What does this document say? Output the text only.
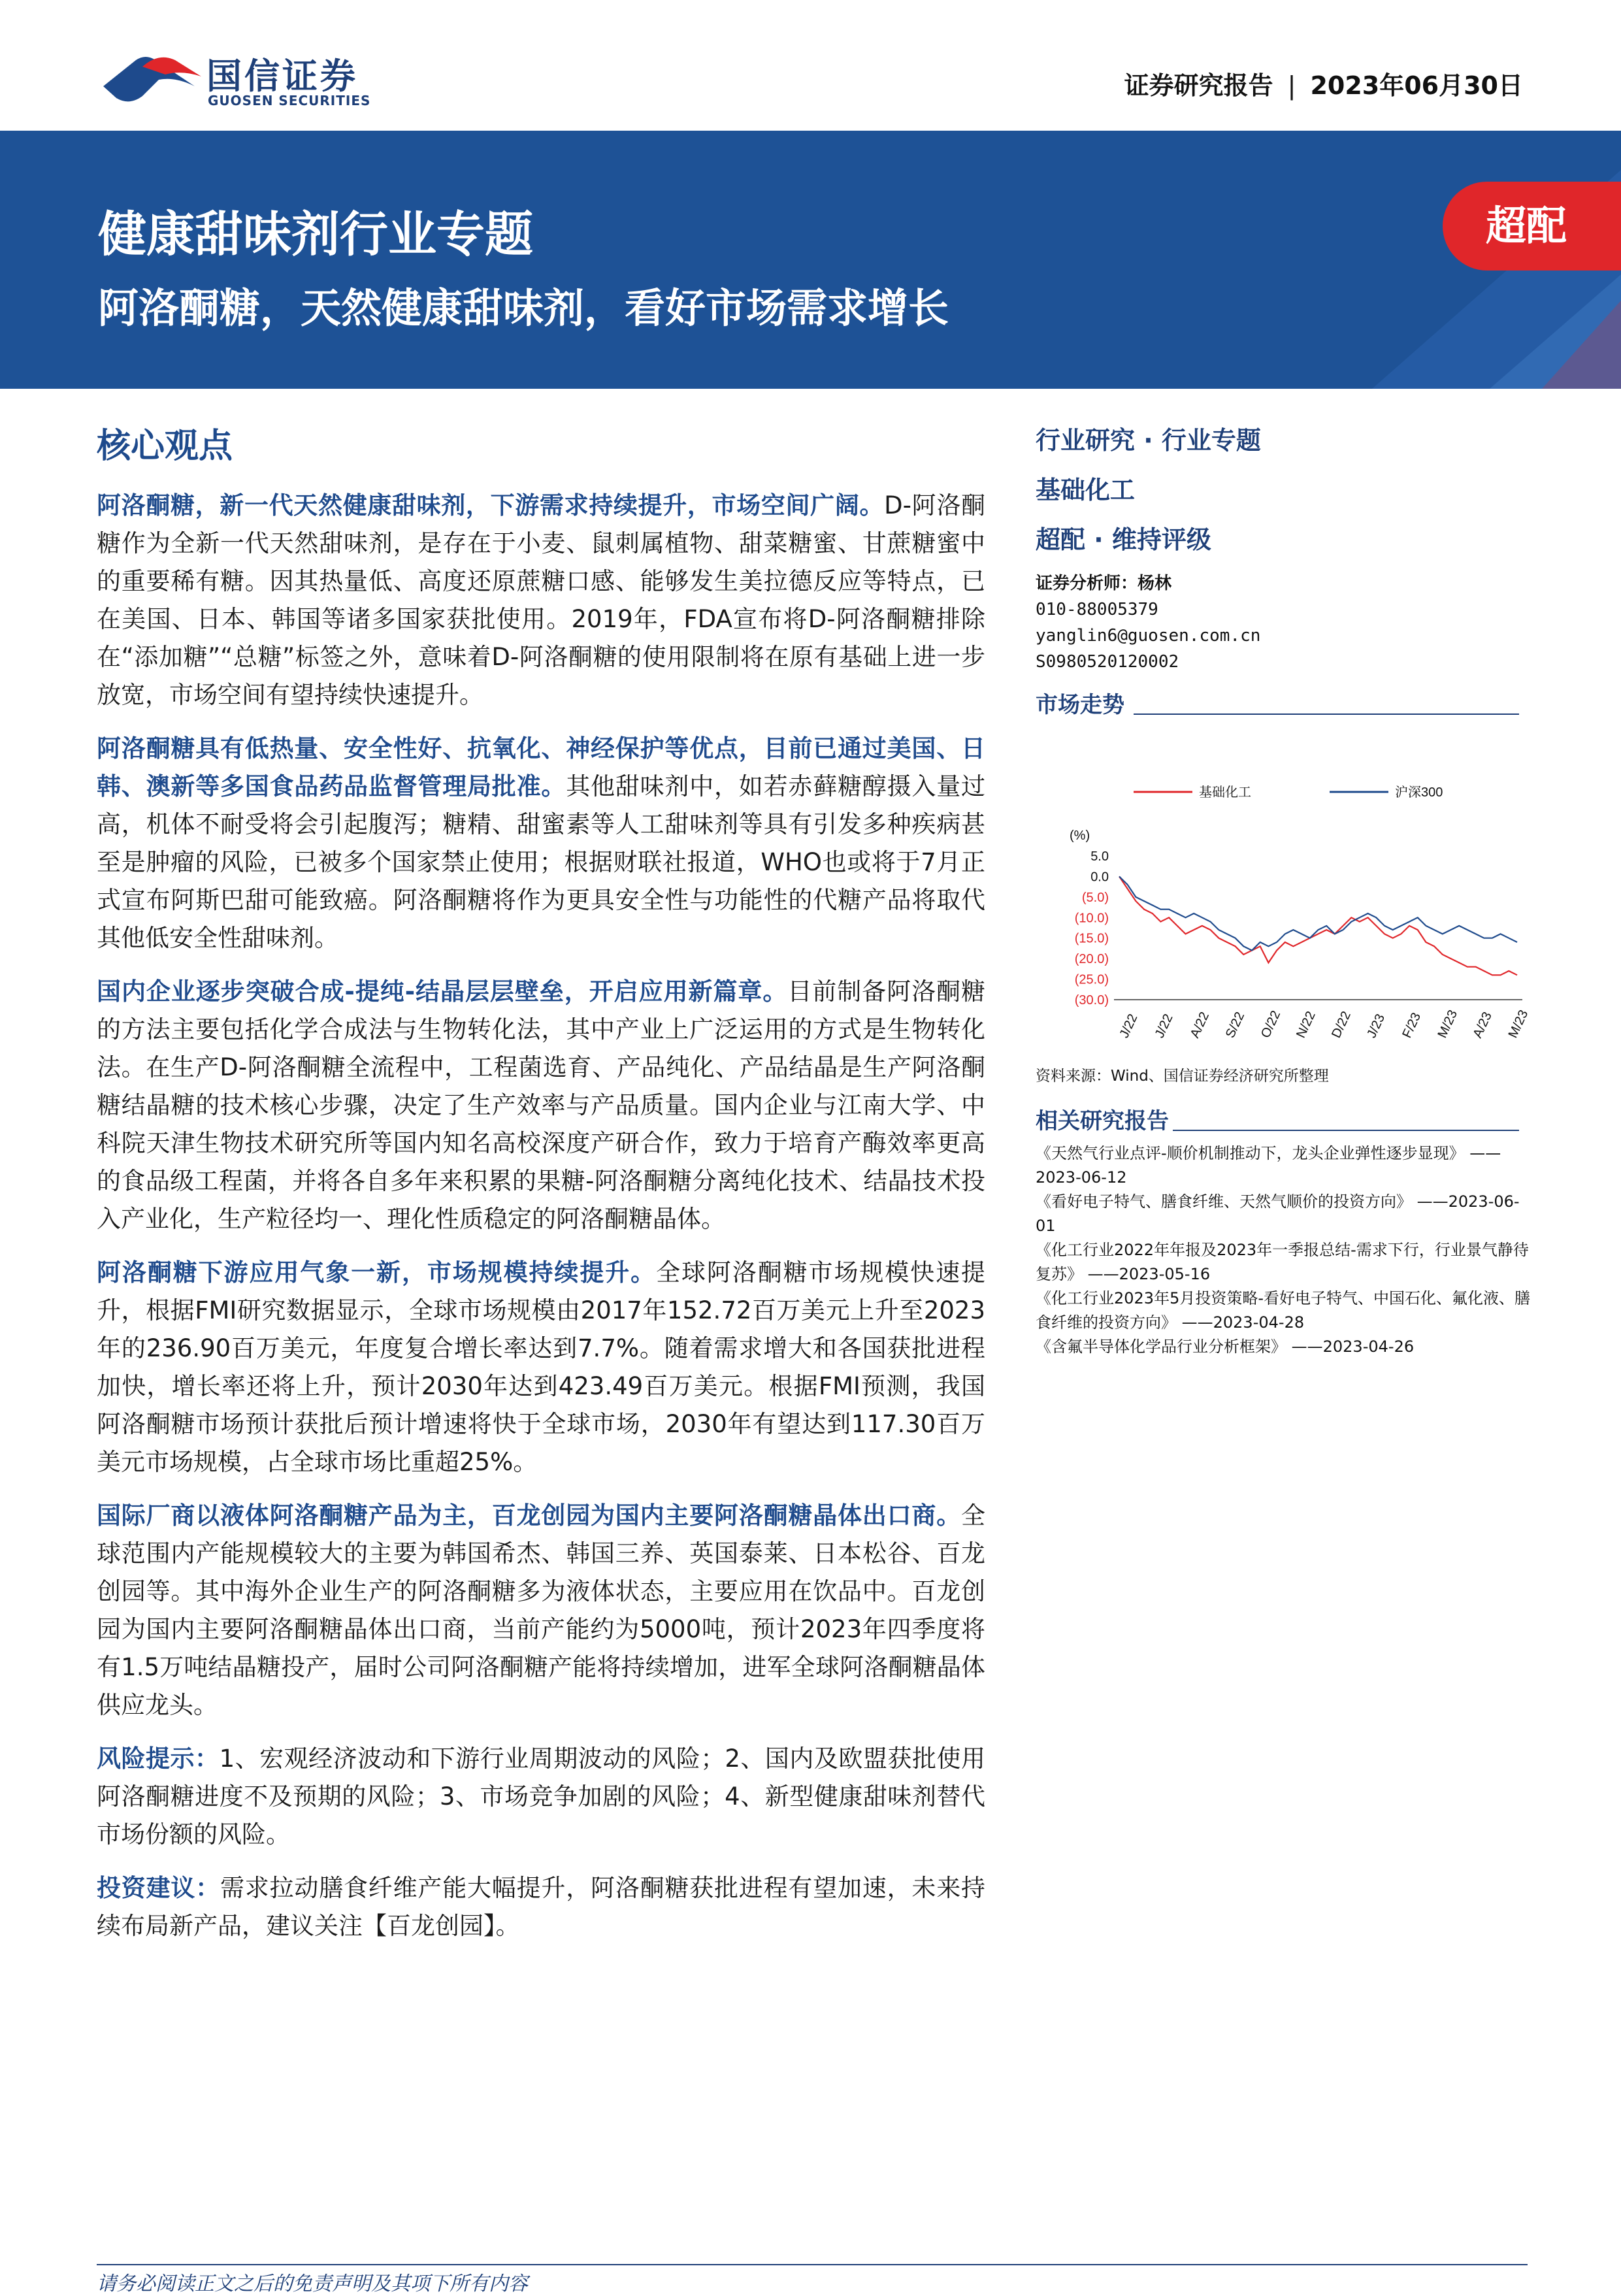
国信证券
GUOSEN SECURITIES
证券研究报告 | 2023年06月30日
健康甜味剂行业专题
阿洛酮糖，天然健康甜味剂，看好市场需求增长
超配
核心观点

阿洛酮糖，新一代天然健康甜味剂，下游需求持续提升，市场空间广阔。D-阿洛酮糖作为全新一代天然甜味剂，是存在于小麦、鼠刺属植物、甜菜糖蜜、甘蔗糖蜜中的重要稀有糖。因其热量低、高度还原蔗糖口感、能够发生美拉德反应等特点，已在美国、日本、韩国等诸多国家获批使用。2019年，FDA宣布将D-阿洛酮糖排除在“添加糖”“总糖”标签之外，意味着D-阿洛酮糖的使用限制将在原有基础上进一步放宽，市场空间有望持续快速提升。

阿洛酮糖具有低热量、安全性好、抗氧化、神经保护等优点，目前已通过美国、日韩、澳新等多国食品药品监督管理局批准。其他甜味剂中，如若赤藓糖醇摄入量过高，机体不耐受将会引起腹泻；糖精、甜蜜素等人工甜味剂等具有引发多种疾病甚至是肿瘤的风险，已被多个国家禁止使用；根据财联社报道，WHO也或将于7月正式宣布阿斯巴甜可能致癌。阿洛酮糖将作为更具安全性与功能性的代糖产品将取代其他低安全性甜味剂。

国内企业逐步突破合成-提纯-结晶层层壁垒，开启应用新篇章。目前制备阿洛酮糖的方法主要包括化学合成法与生物转化法，其中产业上广泛运用的方式是生物转化法。在生产D-阿洛酮糖全流程中，工程菌选育、产品纯化、产品结晶是生产阿洛酮糖结晶糖的技术核心步骤，决定了生产效率与产品质量。国内企业与江南大学、中科院天津生物技术研究所等国内知名高校深度产研合作，致力于培育产酶效率更高的食品级工程菌，并将各自多年来积累的果糖-阿洛酮糖分离纯化技术、结晶技术投入产业化，生产粒径均一、理化性质稳定的阿洛酮糖晶体。

阿洛酮糖下游应用气象一新，市场规模持续提升。全球阿洛酮糖市场规模快速提升，根据FMI研究数据显示，全球市场规模由2017年152.72百万美元上升至2023年的236.90百万美元，年度复合增长率达到7.7%。随着需求增大和各国获批进程加快，增长率还将上升，预计2030年达到423.49百万美元。根据FMI预测，我国阿洛酮糖市场预计获批后预计增速将快于全球市场，2030年有望达到117.30百万美元市场规模，占全球市场比重超25%。

国际厂商以液体阿洛酮糖产品为主，百龙创园为国内主要阿洛酮糖晶体出口商。全球范围内产能规模较大的主要为韩国希杰、韩国三养、英国泰莱、日本松谷、百龙创园等。其中海外企业生产的阿洛酮糖多为液体状态，主要应用在饮品中。百龙创园为国内主要阿洛酮糖晶体出口商，当前产能约为5000吨，预计2023年四季度将有1.5万吨结晶糖投产，届时公司阿洛酮糖产能将持续增加，进军全球阿洛酮糖晶体供应龙头。

风险提示：1、宏观经济波动和下游行业周期波动的风险；2、国内及欧盟获批使用阿洛酮糖进度不及预期的风险；3、市场竞争加剧的风险；4、新型健康甜味剂替代市场份额的风险。

投资建议：需求拉动膳食纤维产能大幅提升，阿洛酮糖获批进程有望加速，未来持续布局新产品，建议关注【百龙创园】。

行业研究 · 行业专题
基础化工
超配 · 维持评级
证券分析师：杨林
010-88005379
yanglin6@guosen.com.cn
S0980520120002
市场走势
基础化工	沪深300
(%)
5.0
0.0
(5.0)
(10.0)
(15.0)
(20.0)
(25.0)
(30.0)
J/22 J/22 A/22 S/22 O/22 N/22 D/22 J/23 F/23 M/23 A/23 M/23
资料来源：Wind、国信证券经济研究所整理
相关研究报告
《天然气行业点评-顺价机制推动下，龙头企业弹性逐步显现》 ——2023-06-12
《看好电子特气、膳食纤维、天然气顺价的投资方向》 ——2023-06-01
《化工行业2022年年报及2023年一季报总结-需求下行，行业景气静待复苏》 ——2023-05-16
《化工行业2023年5月投资策略-看好电子特气、中国石化、氟化液、膳食纤维的投资方向》 ——2023-04-28
《含氟半导体化学品行业分析框架》 ——2023-04-26
请务必阅读正文之后的免责声明及其项下所有内容
